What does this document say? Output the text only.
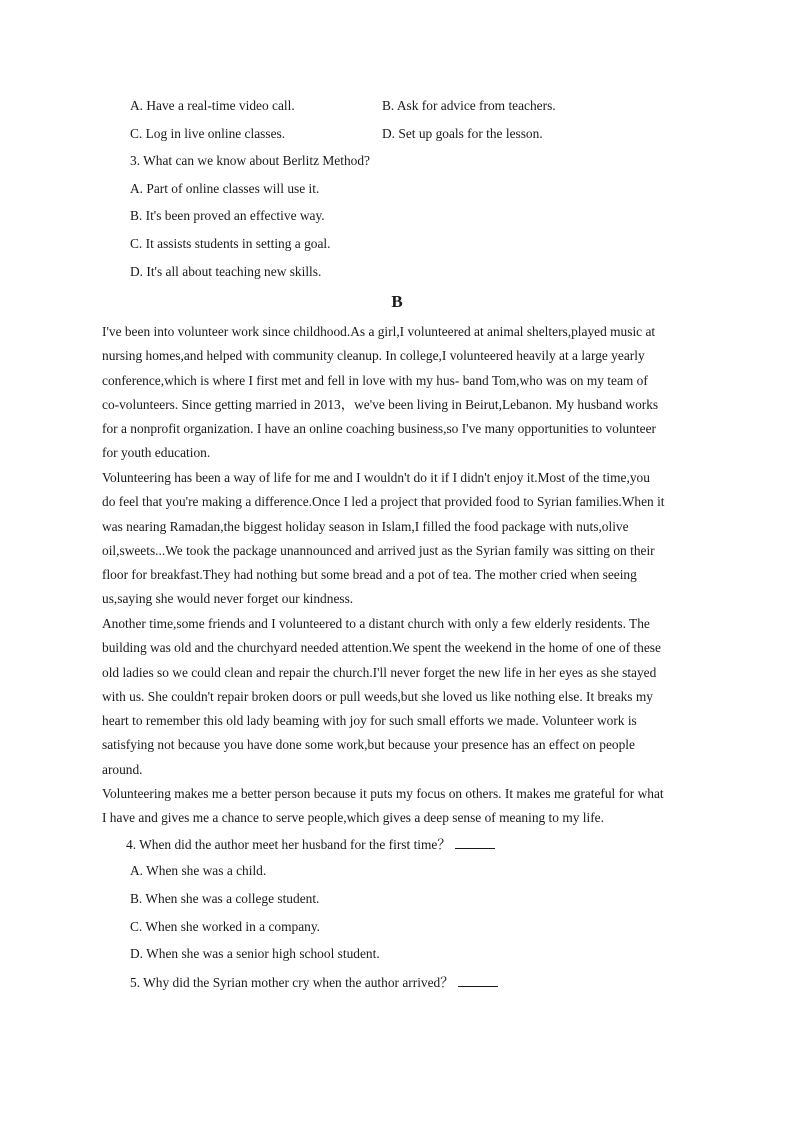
A. Have a real-time video call.	B. Ask for advice from teachers.
C. Log in live online classes.	D. Set up goals for the lesson.
3. What can we know about Berlitz Method?
A. Part of online classes will use it.
B. It's been proved an effective way.
C. It assists students in setting a goal.
D. It's all about teaching new skills.
B
I've been into volunteer work since childhood.As a girl,I volunteered at animal shelters,played music at
nursing homes,and helped with community cleanup. In college,I volunteered heavily at a large yearly
conference,which is where I first met and fell in love with my hus- band Tom,who was on my team of
co-volunteers. Since getting married in 2013，we've been living in Beirut,Lebanon. My husband works
for a nonprofit organization. I have an online coaching business,so I've many opportunities to volunteer
for youth education.
Volunteering has been a way of life for me and I wouldn't do it if I didn't enjoy it.Most of the time,you
do feel that you're making a difference.Once I led a project that provided food to Syrian families.When it
was nearing Ramadan,the biggest holiday season in Islam,I filled the food package with nuts,olive
oil,sweets...We took the package unannounced and arrived just as the Syrian family was sitting on their
floor for breakfast.They had nothing but some bread and a pot of tea. The mother cried when seeing
us,saying she would never forget our kindness.
Another time,some friends and I volunteered to a distant church with only a few elderly residents. The
building was old and the churchyard needed attention.We spent the weekend in the home of one of these
old ladies so we could clean and repair the church.I'll never forget the new life in her eyes as she stayed
with us. She couldn't repair broken doors or pull weeds,but she loved us like nothing else. It breaks my
heart to remember this old lady beaming with joy for such small efforts we made. Volunteer work is
satisfying not because you have done some work,but because your presence has an effect on people
around.
Volunteering makes me a better person because it puts my focus on others. It makes me grateful for what
I have and gives me a chance to serve people,which gives a deep sense of meaning to my life.
4. When did the author meet her husband for the first time？
A. When she was a child.
B. When she was a college student.
C. When she worked in a company.
D. When she was a senior high school student.
5. Why did the Syrian mother cry when the author arrived？
